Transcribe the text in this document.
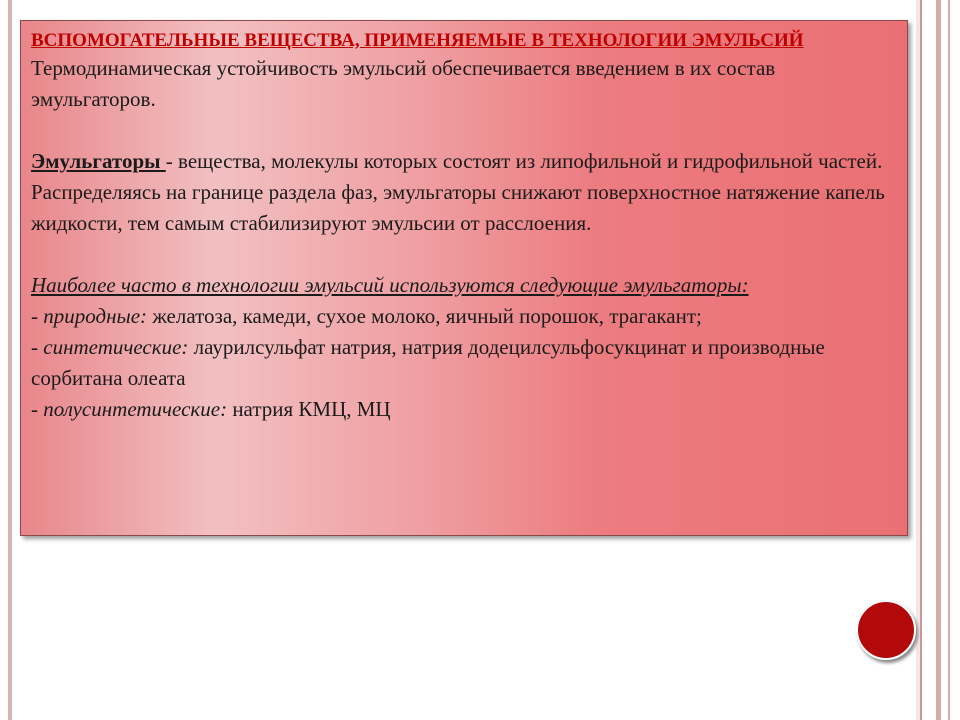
ВСПОМОГАТЕЛЬНЫЕ ВЕЩЕСТВА, ПРИМЕНЯЕМЫЕ В ТЕХНОЛОГИИ ЭМУЛЬСИЙ

Термодинамическая устойчивость эмульсий обеспечивается введением в их состав эмульгаторов.

Эмульгаторы - вещества, молекулы которых состоят из липофильной и гидрофильной частей. Распределяясь на границе раздела фаз, эмульгаторы снижают поверхностное натяжение капель жидкости, тем самым стабилизируют эмульсии от расслоения.

Наиболее часто в технологии эмульсий используются следующие эмульгаторы:

- природные: желатоза, камеди, сухое молоко, яичный порошок, трагакант;

- синтетические: лаурилсульфат натрия, натрия додецилсульфосукцинат и производные сорбитана олеата

- полусинтетические: натрия КМЦ, МЦ
